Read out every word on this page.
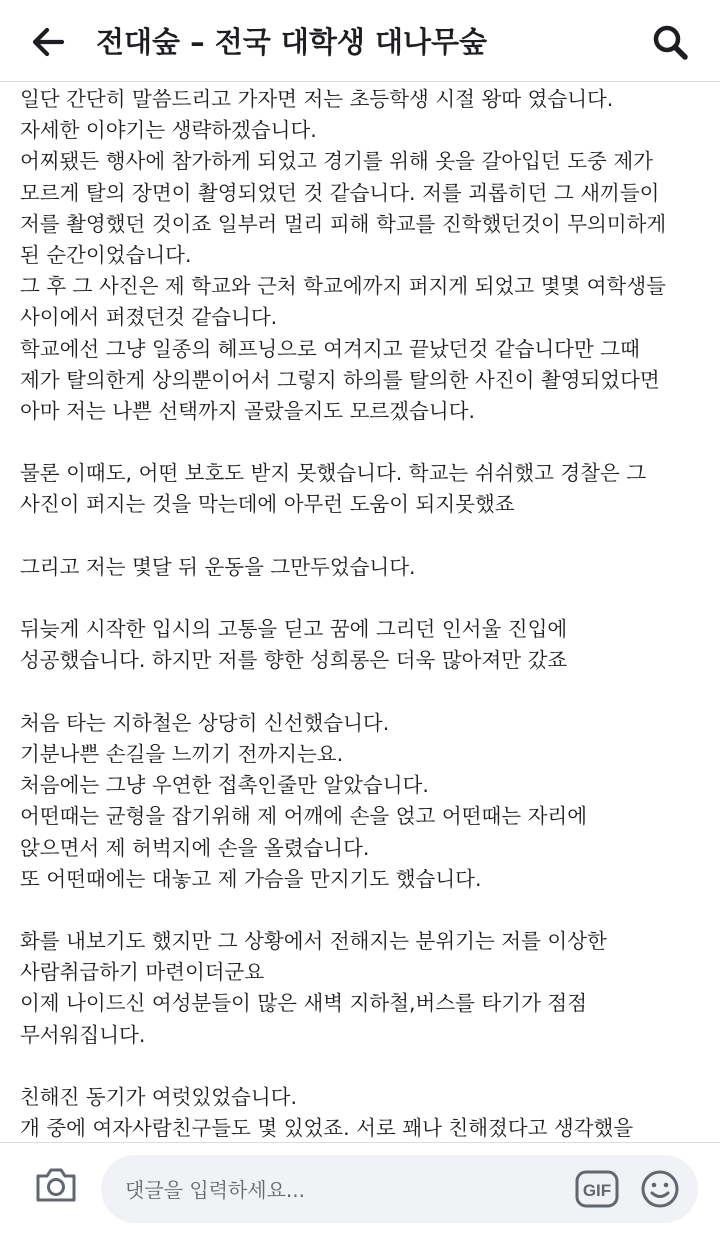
전대숲 – 전국 대학생 대나무숲
일단 간단히 말씀드리고 가자면 저는 초등학생 시절 왕따 였습니다.
자세한 이야기는 생략하겠습니다.
어찌됐든 행사에 참가하게 되었고 경기를 위해 옷을 갈아입던 도중 제가
모르게 탈의 장면이 촬영되었던 것 같습니다. 저를 괴롭히던 그 새끼들이
저를 촬영했던 것이죠 일부러 멀리 피해 학교를 진학했던것이 무의미하게
된 순간이었습니다.
그 후 그 사진은 제 학교와 근처 학교에까지 퍼지게 되었고 몇몇 여학생들
사이에서 퍼졌던것 같습니다.
학교에선 그냥 일종의 헤프닝으로 여겨지고 끝났던것 같습니다만 그때
제가 탈의한게 상의뿐이어서 그렇지 하의를 탈의한 사진이 촬영되었다면
아마 저는 나쁜 선택까지 골랐을지도 모르겠습니다.
물론 이때도, 어떤 보호도 받지 못했습니다. 학교는 쉬쉬했고 경찰은 그
사진이 퍼지는 것을 막는데에 아무런 도움이 되지못했죠
그리고 저는 몇달 뒤 운동을 그만두었습니다.
뒤늦게 시작한 입시의 고통을 딛고 꿈에 그리던 인서울 진입에
성공했습니다. 하지만 저를 향한 성희롱은 더욱 많아져만 갔죠
처음 타는 지하철은 상당히 신선했습니다.
기분나쁜 손길을 느끼기 전까지는요.
처음에는 그냥 우연한 접촉인줄만 알았습니다.
어떤때는 균형을 잡기위해 제 어깨에 손을 얹고 어떤때는 자리에
앉으면서 제 허벅지에 손을 올렸습니다.
또 어떤때에는 대놓고 제 가슴을 만지기도 했습니다.
화를 내보기도 했지만 그 상황에서 전해지는 분위기는 저를 이상한
사람취급하기 마련이더군요
이제 나이드신 여성분들이 많은 새벽 지하철,버스를 타기가 점점
무서워집니다.
친해진 동기가 여럿있었습니다.
개 중에 여자사람친구들도 몇 있었죠. 서로 꽤나 친해졌다고 생각했을
댓글을 입력하세요...
GIF
